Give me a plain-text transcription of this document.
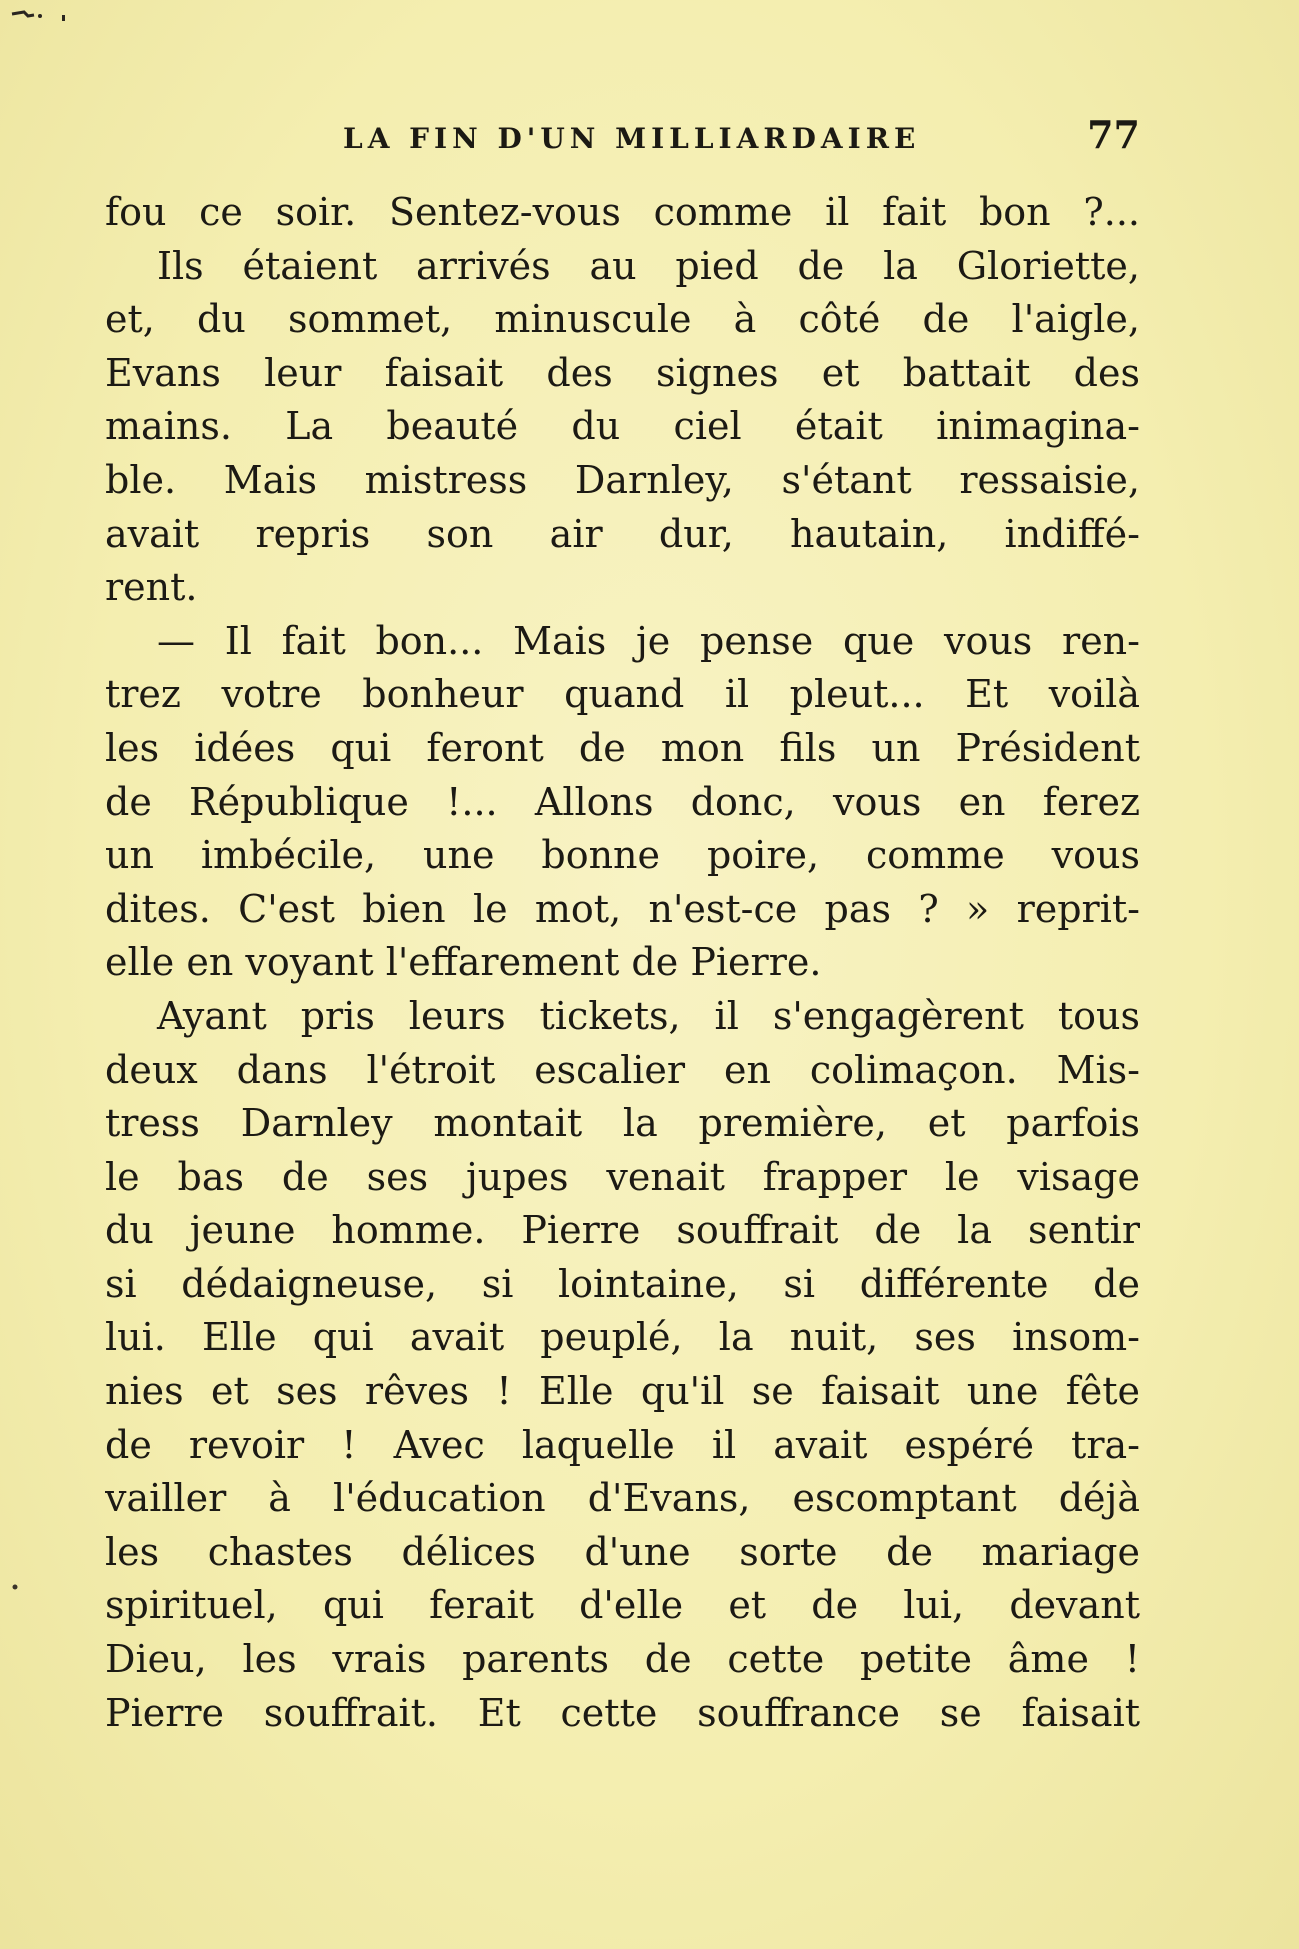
LA FIN D'UN MILLIARDAIRE	77
fou ce soir. Sentez-vous comme il fait bon ?...
Ils étaient arrivés au pied de la Gloriette,
et, du sommet, minuscule à côté de l'aigle,
Evans leur faisait des signes et battait des
mains. La beauté du ciel était inimagina-
ble. Mais mistress Darnley, s'étant ressaisie,
avait repris son air dur, hautain, indiffé-
rent.
— Il fait bon... Mais je pense que vous ren-
trez votre bonheur quand il pleut... Et voilà
les idées qui feront de mon fils un Président
de République !... Allons donc, vous en ferez
un imbécile, une bonne poire, comme vous
dites. C'est bien le mot, n'est-ce pas ? » reprit-
elle en voyant l'effarement de Pierre.
Ayant pris leurs tickets, il s'engagèrent tous
deux dans l'étroit escalier en colimaçon. Mis-
tress Darnley montait la première, et parfois
le bas de ses jupes venait frapper le visage
du jeune homme. Pierre souffrait de la sentir
si dédaigneuse, si lointaine, si différente de
lui. Elle qui avait peuplé, la nuit, ses insom-
nies et ses rêves ! Elle qu'il se faisait une fête
de revoir ! Avec laquelle il avait espéré tra-
vailler à l'éducation d'Evans, escomptant déjà
les chastes délices d'une sorte de mariage
spirituel, qui ferait d'elle et de lui, devant
Dieu, les vrais parents de cette petite âme !
Pierre souffrait. Et cette souffrance se faisait
